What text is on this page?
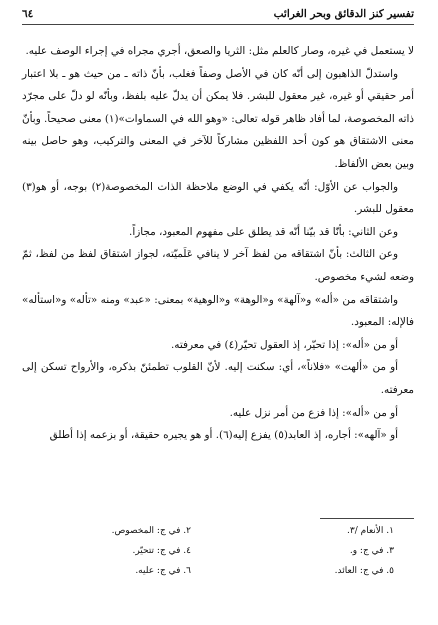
٦٤	تفسير كنز الدقائق وبحر الغرائب

لا يستعمل في غيره، وصار كالعلم مثل: الثريا والصعق، أجري مجراه في إجراء الوصف عليه.

واستدلّ الذاهبون إلى أنّه كان في الأصل وصفاً فغلب، بأنّ ذاته ـ من حيث هو ـ بلا اعتبار أمر حقيقي أو غيره، غير معقول للبشر. فلا يمكن أن يدلّ عليه بلفظ، وبأنّه لو دلّ على مجرّد ذاته المخصوصة، لما أفاد ظاهر قوله تعالى: «وهو الله في السماوات»(١) معنى صحيحاً. وبأنّ معنى الاشتقاق هو كون أحد اللفظين مشاركاً للآخر في المعنى والتركيب، وهو حاصل بينه وبين بعض الألفاظ.

والجواب عن الأوّل: أنّه يكفي في الوضع ملاحظة الذات المخصوصة(٢) بوجه، أو هو(٣) معقول للبشر.

وعن الثاني: بأنّا قد بيّنا أنّه قد يطلق على مفهوم المعبود، مجازاً.

وعن الثالث: بأنّ اشتقاقه من لفظ آخر لا ينافي عَلَميّته، لجواز اشتقاق لفظ من لفظ، ثمّ وضعه لشيء مخصوص.

واشتقاقه من «أله» و«آلهة» و«الوهة» و«الوهية» بمعنى: «عبد» ومنه «تأله» و«استأله» فالإله: المعبود.

أو من «أله»: إذا تحيّر، إذ العقول تحيّر(٤) في معرفته.

أو من «ألهت» «فلاناً»، أي: سكنت إليه. لأنّ القلوب تطمئنّ بذكره، والأرواح تسكن إلى معرفته.

أو من «أله»: إذا فزع من أمر نزل عليه.

أو «آلهه»: أجاره، إذ العابد(٥) يفزع إليه(٦). أو هو يجيره حقيقة، أو بزعمه إذا أطلق

١. الأنعام /٣.
٢. في ج: المخصوص.
٣. في ج: و.
٤. في ج: تتحيّر.
٥. في ج: العائد.
٦. في ج: عليه.
